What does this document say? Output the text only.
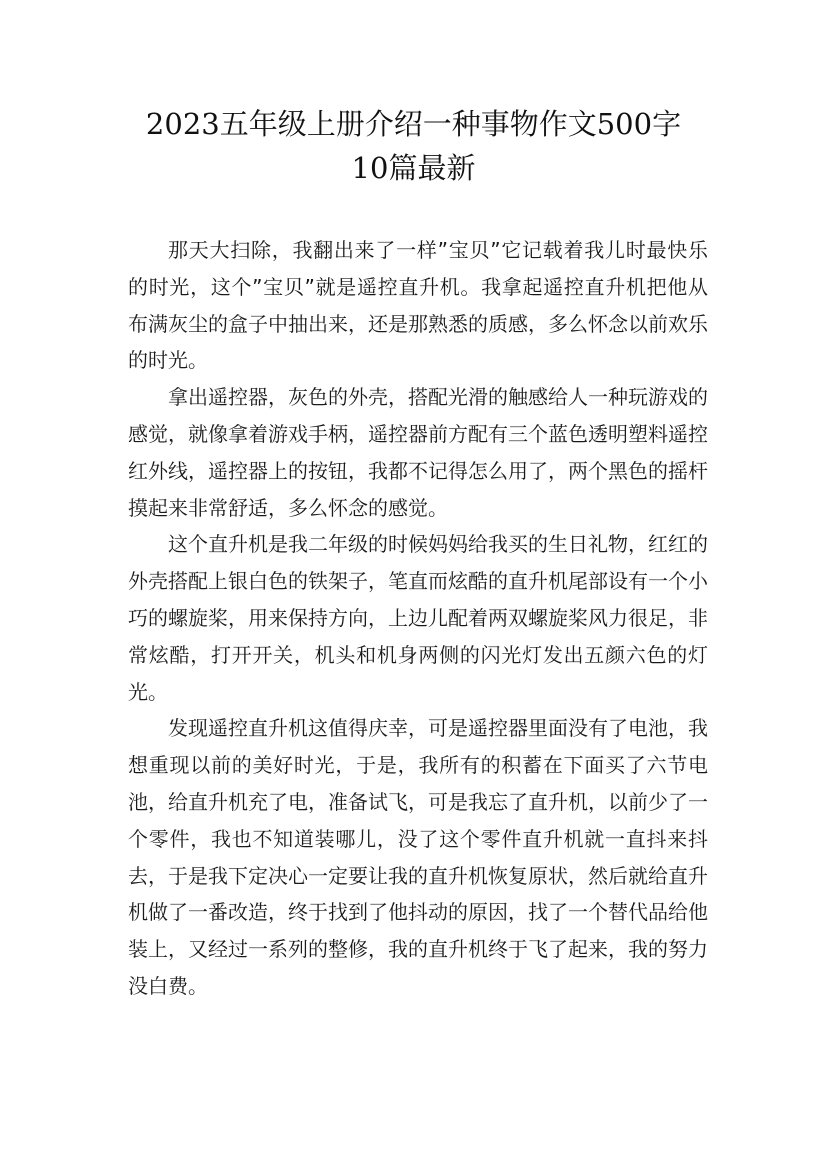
2023五年级上册介绍一种事物作文500字
10篇最新

那天大扫除，我翻出来了一样”宝贝”它记载着我儿时最快乐的时光，这个”宝贝”就是遥控直升机。我拿起遥控直升机把他从布满灰尘的盒子中抽出来，还是那熟悉的质感，多么怀念以前欢乐的时光。

拿出遥控器，灰色的外壳，搭配光滑的触感给人一种玩游戏的感觉，就像拿着游戏手柄，遥控器前方配有三个蓝色透明塑料遥控红外线，遥控器上的按钮，我都不记得怎么用了，两个黑色的摇杆摸起来非常舒适，多么怀念的感觉。

这个直升机是我二年级的时候妈妈给我买的生日礼物，红红的外壳搭配上银白色的铁架子，笔直而炫酷的直升机尾部设有一个小巧的螺旋桨，用来保持方向，上边儿配着两双螺旋桨风力很足，非常炫酷，打开开关，机头和机身两侧的闪光灯发出五颜六色的灯光。

发现遥控直升机这值得庆幸，可是遥控器里面没有了电池，我想重现以前的美好时光，于是，我所有的积蓄在下面买了六节电池，给直升机充了电，准备试飞，可是我忘了直升机，以前少了一个零件，我也不知道装哪儿，没了这个零件直升机就一直抖来抖去，于是我下定决心一定要让我的直升机恢复原状，然后就给直升机做了一番改造，终于找到了他抖动的原因，找了一个替代品给他装上，又经过一系列的整修，我的直升机终于飞了起来，我的努力没白费。
